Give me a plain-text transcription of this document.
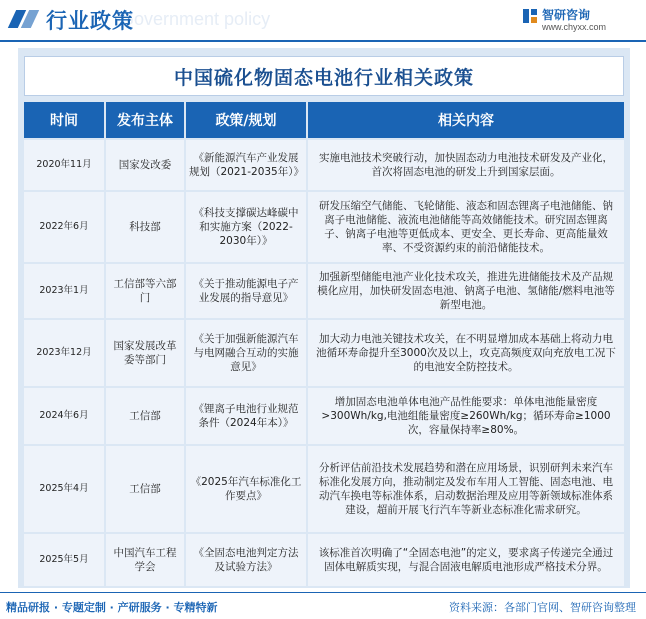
Government policy
行业政策	智研咨询
www.chyxx.com
中国硫化物固态电池行业相关政策
时间	发布主体	政策/规划	相关内容
2020年11月	国家发改委	《新能源汽车产业发展规划（2021-2035年）》	实施电池技术突破行动，加快固态动力电池技术研发及产业化，首次将固态电池的研发上升到国家层面。
2022年6月	科技部	《科技支撑碳达峰碳中和实施方案（2022-2030年）》	研发压缩空气储能、飞轮储能、液态和固态锂离子电池储能、钠离子电池储能、液流电池储能等高效储能技术。研究固态锂离子、钠离子电池等更低成本、更安全、更长寿命、更高能量效率、不受资源约束的前沿储能技术。
2023年1月	工信部等六部门	《关于推动能源电子产业发展的指导意见》	加强新型储能电池产业化技术攻关，推进先进储能技术及产品规模化应用，加快研发固态电池、钠离子电池、氢储能/燃料电池等新型电池。
2023年12月	国家发展改革委等部门	《关于加强新能源汽车与电网融合互动的实施意见》	加大动力电池关键技术攻关，在不明显增加成本基础上将动力电池循环寿命提升至3000次及以上，攻克高频度双向充放电工况下的电池安全防控技术。
2024年6月	工信部	《锂离子电池行业规范条件（2024年本）》	增加固态电池单体电池产品性能要求：单体电池能量密度>300Wh/kg,电池组能量密度≥260Wh/kg；循环寿命≥1000次，容量保持率≥80%。
2025年4月	工信部	《2025年汽车标准化工作要点》	分析评估前沿技术发展趋势和潜在应用场景，识别研判未来汽车标准化发展方向，推动制定及发布车用人工智能、固态电池、电动汽车换电等标准体系，启动数据治理及应用等新领域标准体系建设，超前开展飞行汽车等新业态标准化需求研究。
2025年5月	中国汽车工程学会	《全固态电池判定方法及试验方法》	该标准首次明确了“全固态电池”的定义，要求离子传递完全通过固体电解质实现，与混合固液电解质电池形成严格技术分界。
精品研报 · 专题定制 · 产研服务 · 专精特新	资料来源：各部门官网、智研咨询整理
